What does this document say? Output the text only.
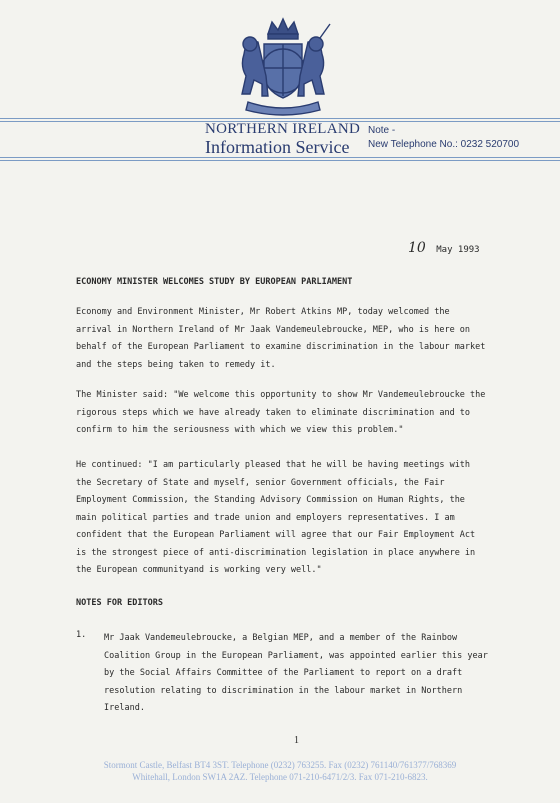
NORTHERN IRELAND
Information Service
Note -
New Telephone No.: 0232 520700
10 May 1993
ECONOMY MINISTER WELCOMES STUDY BY EUROPEAN PARLIAMENT
Economy and Environment Minister, Mr Robert Atkins MP, today welcomed the
arrival in Northern Ireland of Mr Jaak Vandemeulebroucke, MEP, who is here on
behalf of the European Parliament to examine discrimination in the labour market
and the steps being taken to remedy it.
The Minister said: "We welcome this opportunity to show Mr Vandemeulebroucke the
rigorous steps which we have already taken to eliminate discrimination and to
confirm to him the seriousness with which we view this problem."
He continued: "I am particularly pleased that he will be having meetings with
the Secretary of State and myself, senior Government officials, the Fair
Employment Commission, the Standing Advisory Commission on Human Rights, the
main political parties and trade union and employers representatives. I am
confident that the European Parliament will agree that our Fair Employment Act
is the strongest piece of anti-discrimination legislation in place anywhere in
the European communityand is working very well."
NOTES FOR EDITORS
1. Mr Jaak Vandemeulebroucke, a Belgian MEP, and a member of the Rainbow
Coalition Group in the European Parliament, was appointed earlier this year
by the Social Affairs Committee of the Parliament to report on a draft
resolution relating to discrimination in the labour market in Northern
Ireland.
1
Stormont Castle, Belfast BT4 3ST. Telephone (0232) 763255. Fax (0232) 761140/761377/768369
Whitehall, London SW1A 2AZ. Telephone 071-210-6471/2/3. Fax 071-210-6823.
